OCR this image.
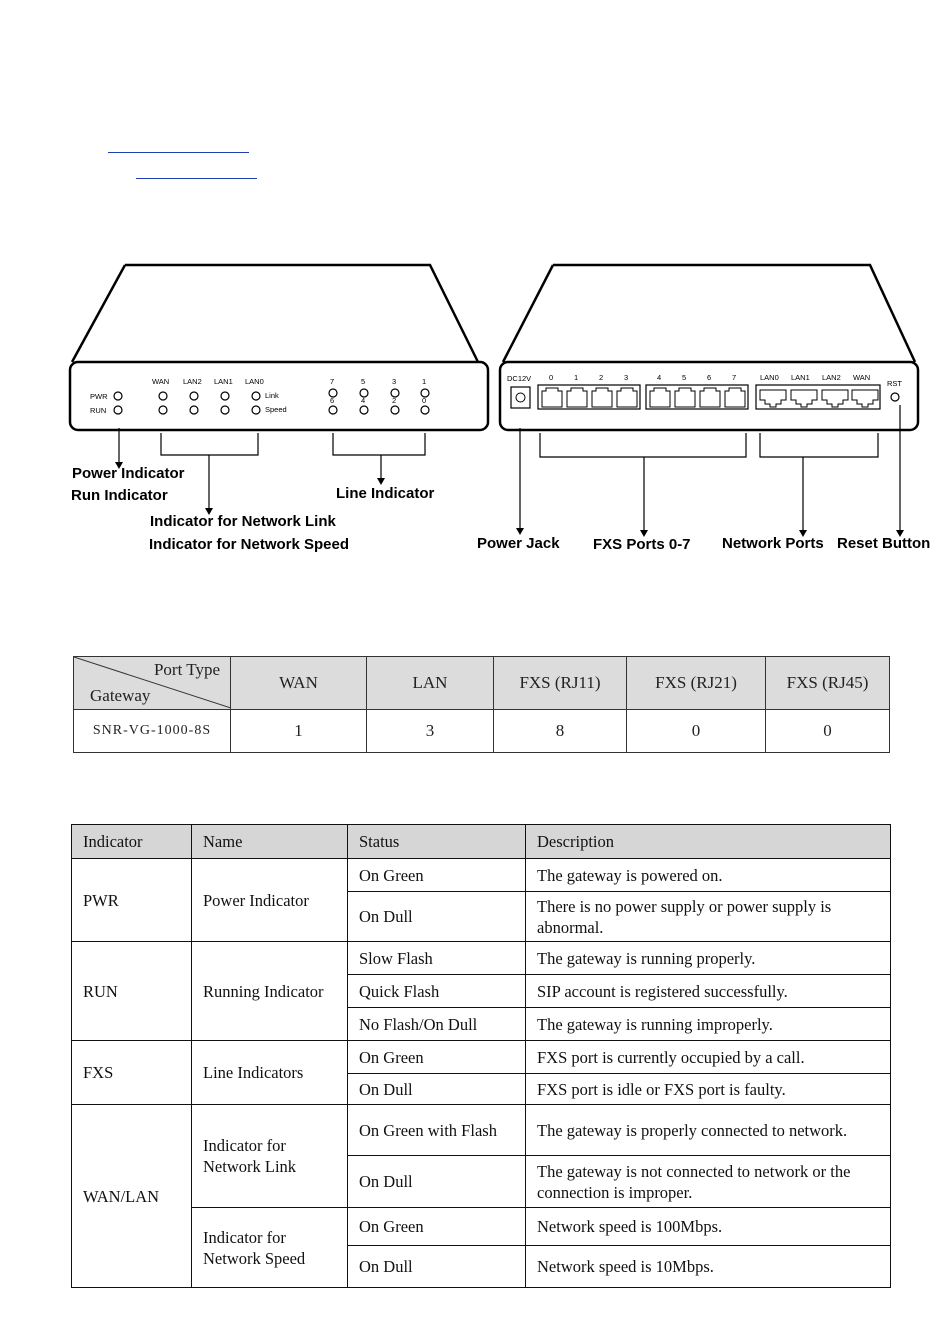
PWR
RUN
WAN LAN2 LAN1 LAN0
Link
Speed
7	5	3	1
6	4	2	0
DC12V 0	1	2	3	4	5	6	7	LAN0 LAN1 LAN2 WAN
RST
Power Indicator
Run Indicator
Indicator for Network Link
Indicator for Network Speed
Line Indicator
Power Jack FXS Ports 0-7 Network Ports Reset Button
Port Type
Gateway	WAN	LAN	FXS (RJ11)	FXS (RJ21)	FXS (RJ45)
SNR-VG-1000-8S	1	3	8	0	0
Indicator	Name	Status	Description
PWR	Power Indicator	On Green	The gateway is powered on.
		On Dull	There is no power supply or power supply is abnormal.
RUN	Running Indicator	Slow Flash	The gateway is running properly.
		Quick Flash	SIP account is registered successfully.
		No Flash/On Dull	The gateway is running improperly.
FXS	Line Indicators	On Green	FXS port is currently occupied by a call.
		On Dull	FXS port is idle or FXS port is faulty.
WAN/LAN	Indicator for Network Link	On Green with Flash	The gateway is properly connected to network.
		On Dull	The gateway is not connected to network or the connection is improper.
	Indicator for Network Speed	On Green	Network speed is 100Mbps.
		On Dull	Network speed is 10Mbps.
